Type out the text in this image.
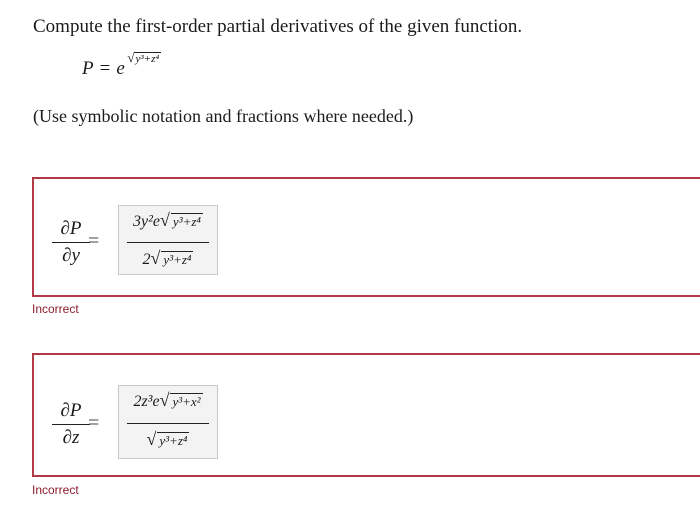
Compute the first-order partial derivatives of the given function.
P = e
√y³+z⁴
(Use symbolic notation and fractions where needed.)
$\frac{\partial P}{\partial y}$
=
3y²e√ y³+z⁴
2√ y³+z⁴
Incorrect
$\frac{\partial P}{\partial z}$
=
2z³e√ y³+x²
√ y³+z⁴
Incorrect
